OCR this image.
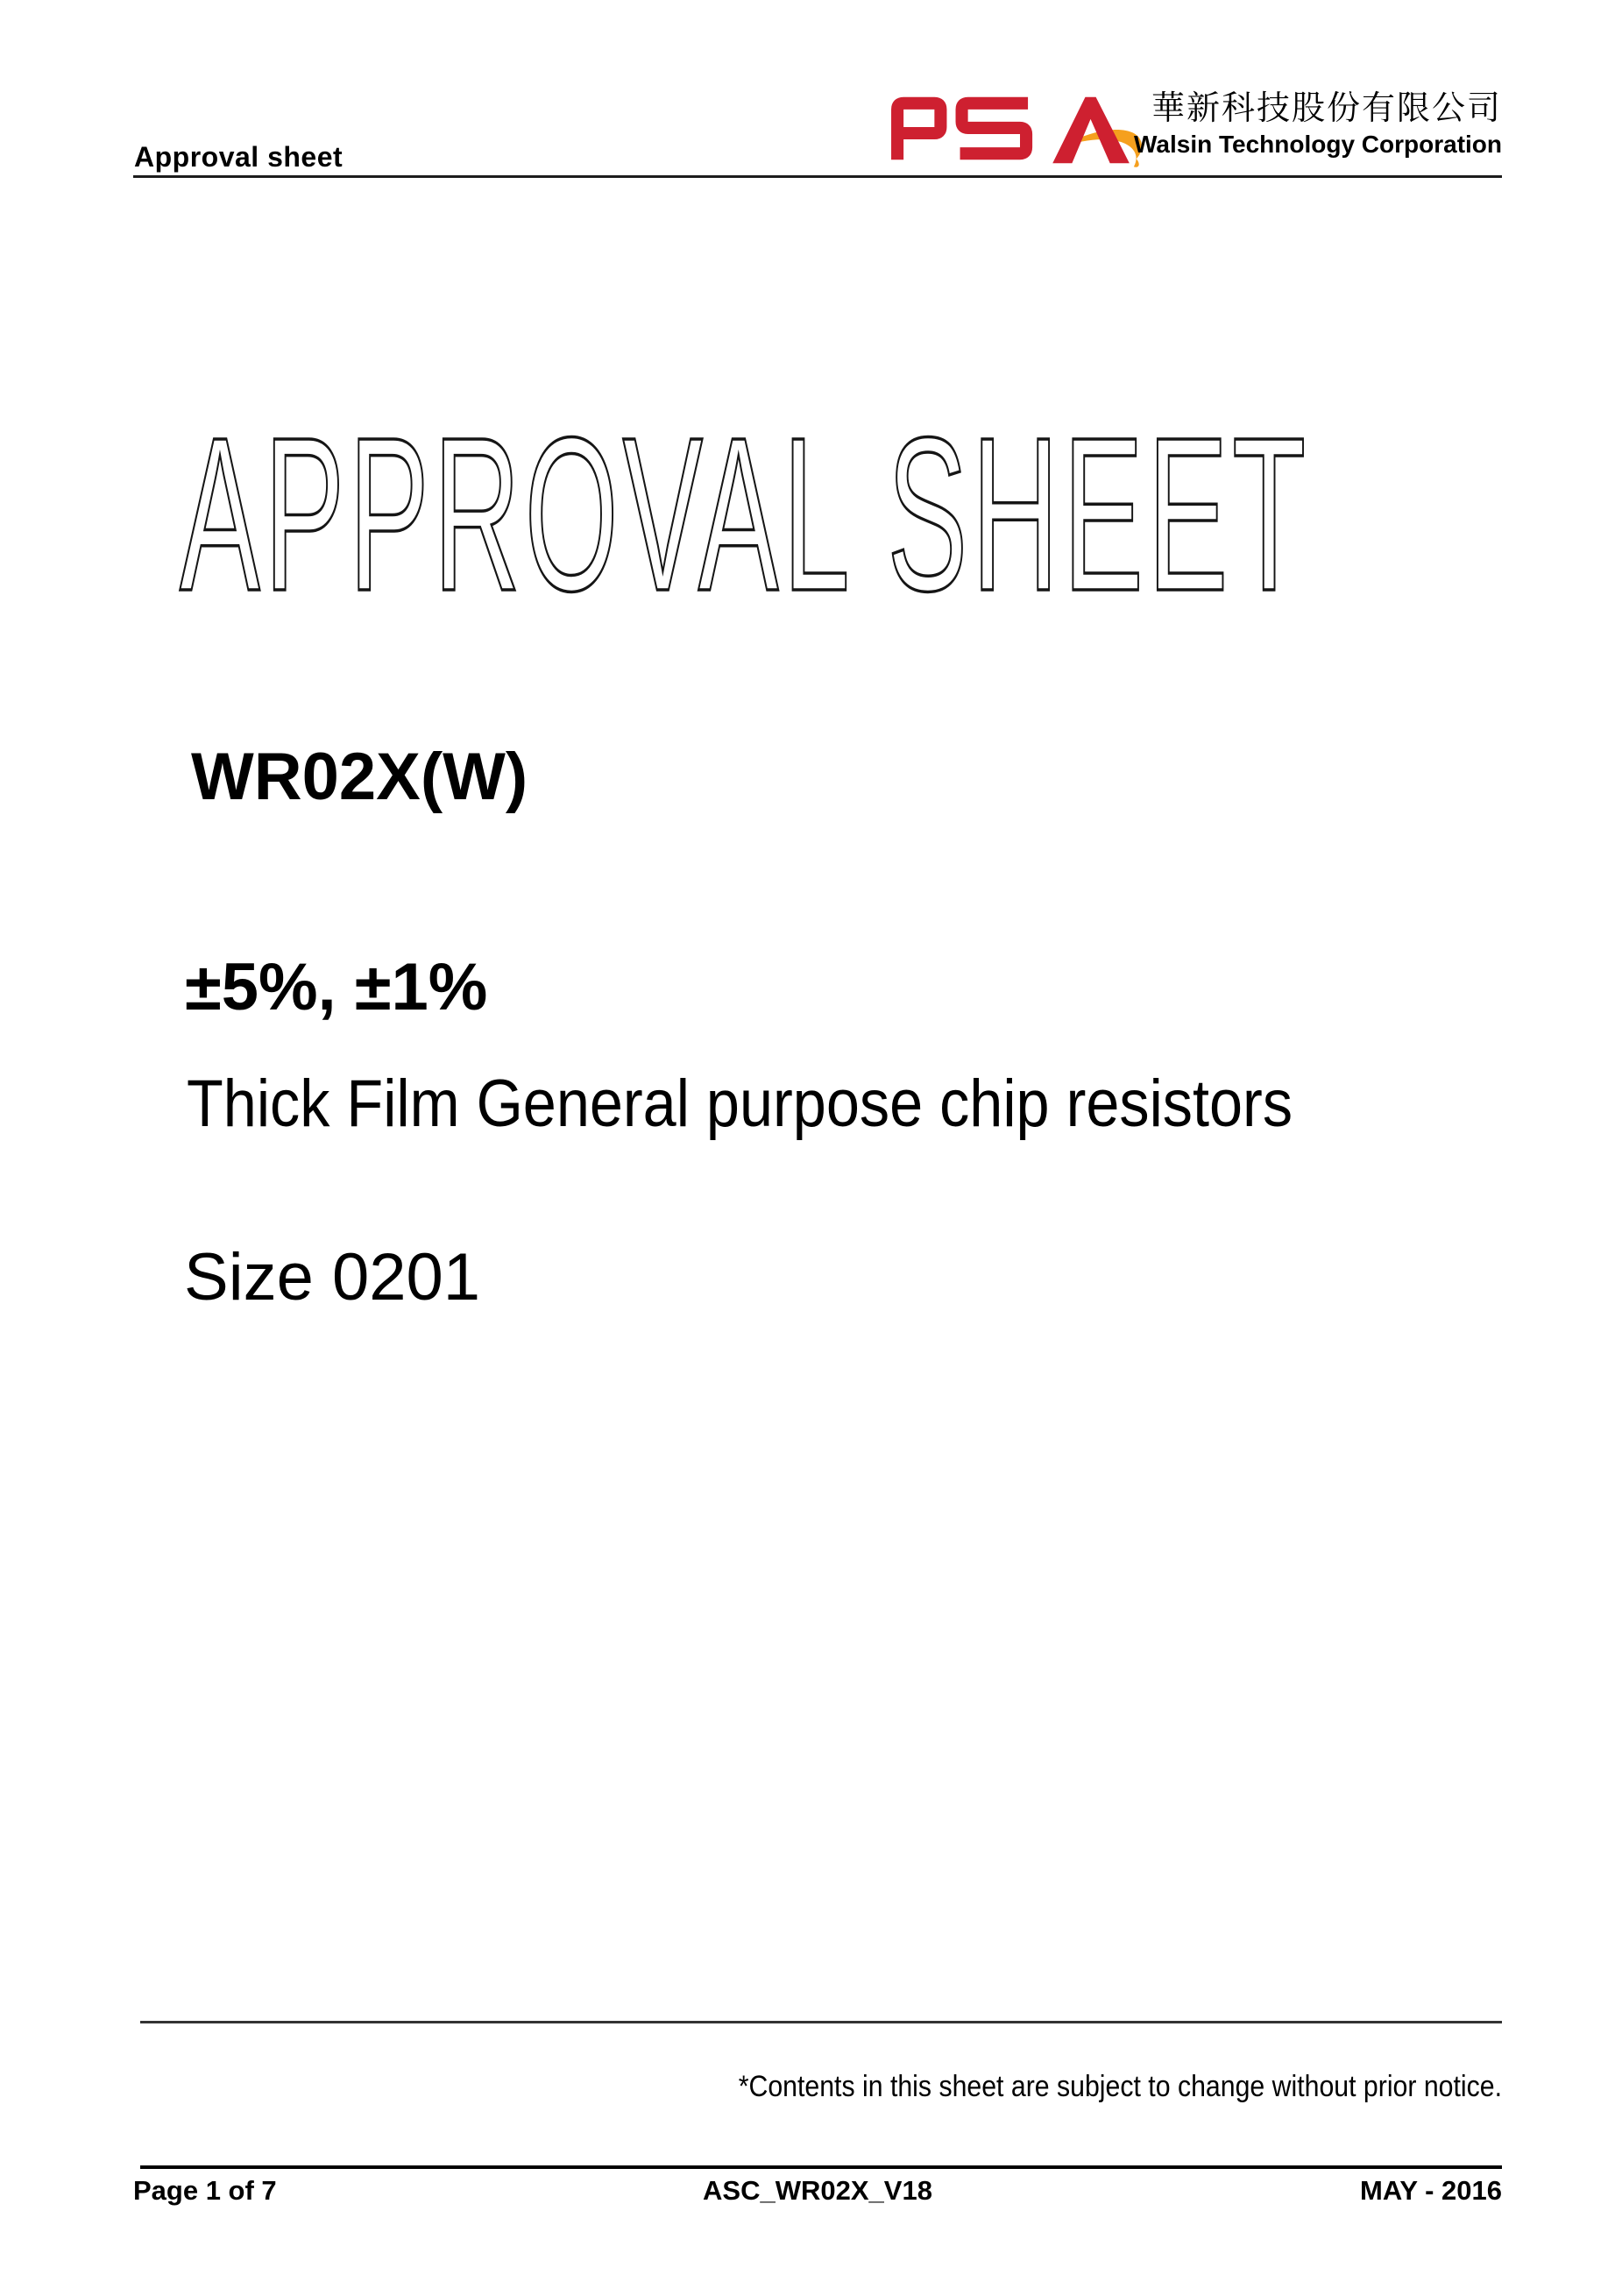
Approval sheet
華新科技股份有限公司
Walsin Technology Corporation
APPROVAL SHEET
WR02X(W)
±5%, ±1%
Thick Film General purpose chip resistors
Size 0201
*Contents in this sheet are subject to change without prior notice.
Page 1 of 7	ASC_WR02X_V18	MAY - 2016
